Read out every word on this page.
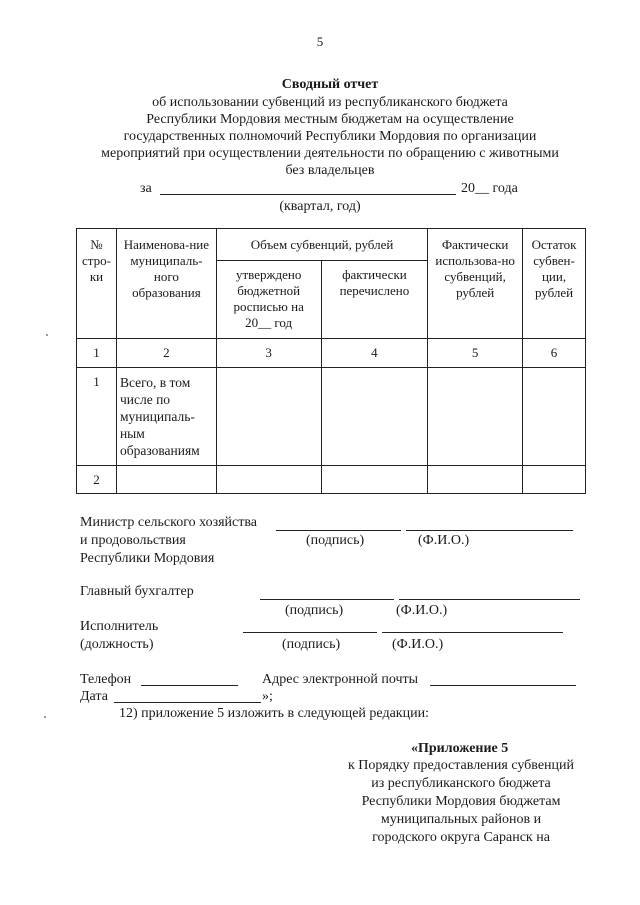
5
Сводный отчет
об использовании субвенций из республиканского бюджета
Республики Мордовия местным бюджетам на осуществление
государственных полномочий Республики Мордовия по организации
мероприятий при осуществлении деятельности по обращению с животными
без владельцев
за	20__ года
(квартал, год)
№ стро-ки	Наименова-ние муниципаль-ного образования	Объем субвенций, рублей		Фактически использова-но субвенций, рублей	Остаток субвен-ции, рублей
		утверждено бюджетной росписью на 20__ год	фактически перечислено		
1	2	3	4	5	6
1	Всего, в том числе по муниципаль-ным образованиям				
2					
Министр сельского хозяйства
и продовольствия
Республики Мордовия
(подпись)	(Ф.И.О.)
Главный бухгалтер
(подпись)	(Ф.И.О.)
Исполнитель
(должность)	(подпись)	(Ф.И.О.)
Телефон	Адрес электронной почты
Дата	»;
12) приложение 5 изложить в следующей редакции:
«Приложение 5
к Порядку предоставления субвенций
из республиканского бюджета
Республики Мордовия бюджетам
муниципальных районов и
городского округа Саранск на
